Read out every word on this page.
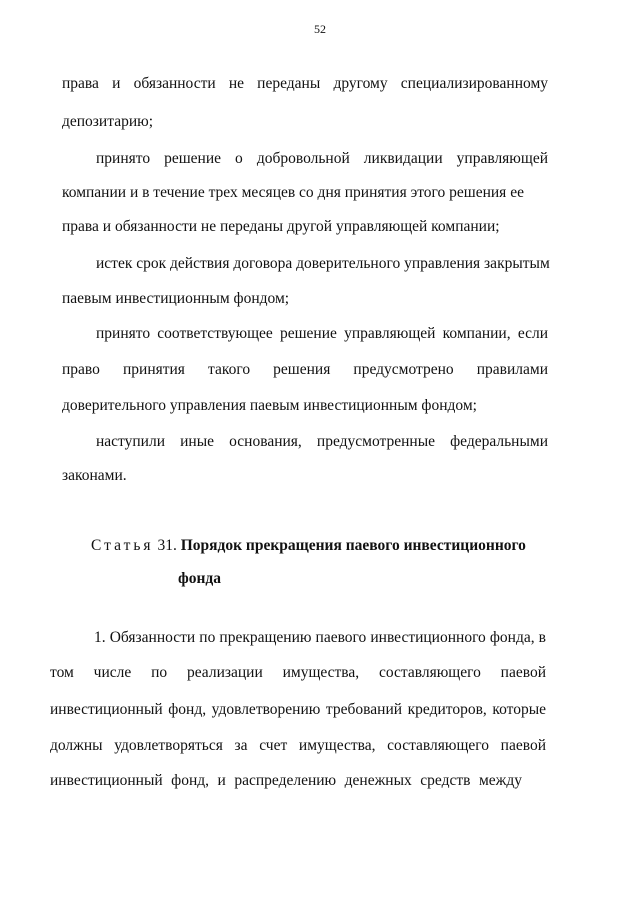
52
права и обязанности не переданы другому специализированному
депозитарию;
принято решение о добровольной ликвидации управляющей
компании и в течение трех месяцев со дня принятия этого решения ее
права и обязанности не переданы другой управляющей компании;
истек срок действия договора доверительного управления закрытым
паевым инвестиционным фондом;
принято соответствующее решение управляющей компании, если
право принятия такого решения предусмотрено правилами
доверительного управления паевым инвестиционным фондом;
наступили иные основания, предусмотренные федеральными
законами.
Статья 31. Порядок прекращения паевого инвестиционного
фонда
1. Обязанности по прекращению паевого инвестиционного фонда, в
том числе по реализации имущества, составляющего паевой
инвестиционный фонд, удовлетворению требований кредиторов, которые
должны удовлетворяться за счет имущества, составляющего паевой
инвестиционный фонд, и распределению денежных средств между
